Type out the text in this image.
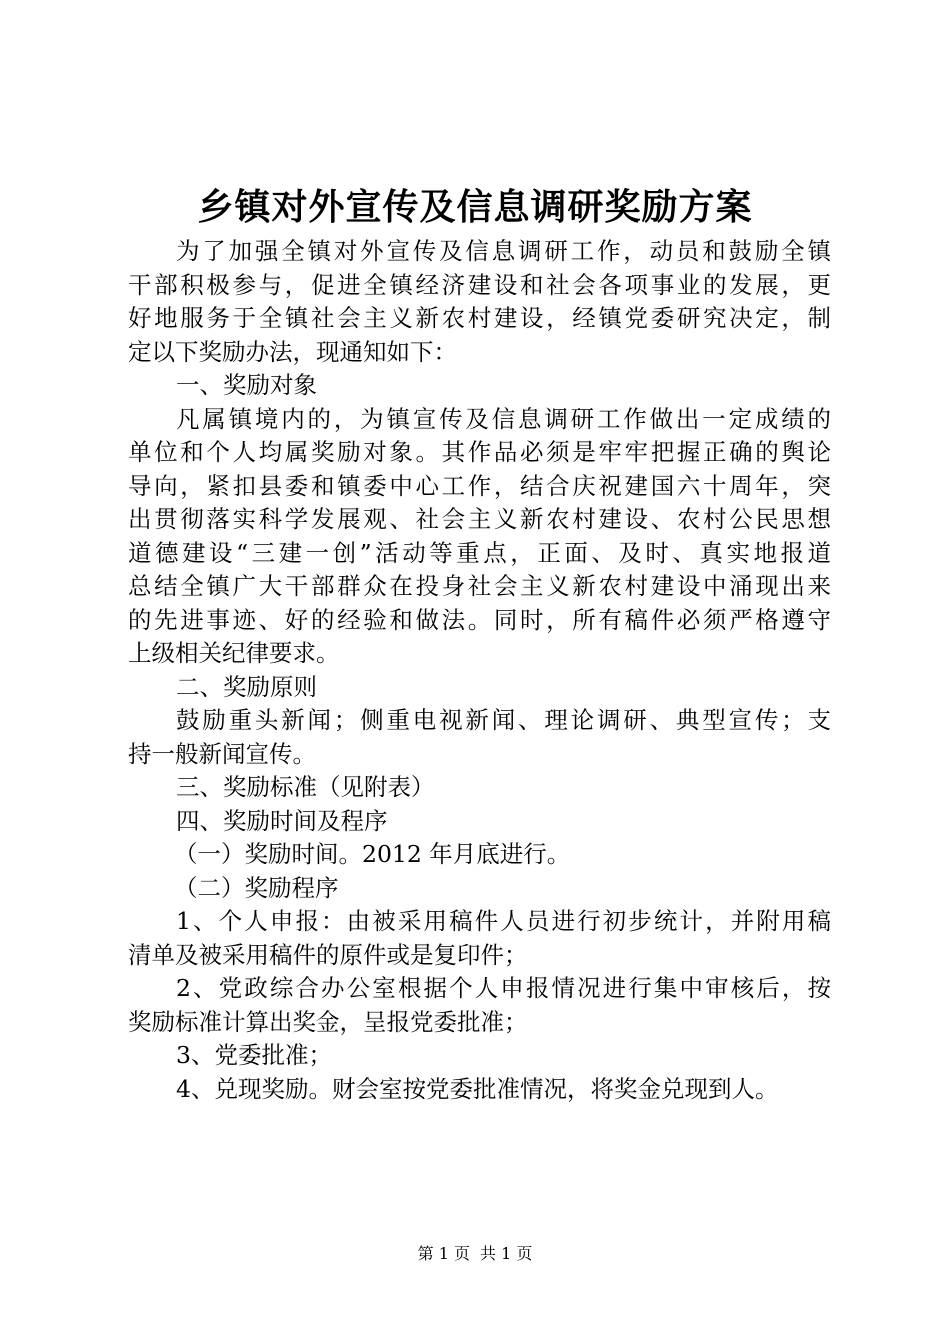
乡镇对外宣传及信息调研奖励方案
为了加强全镇对外宣传及信息调研工作，动员和鼓励全镇
干部积极参与，促进全镇经济建设和社会各项事业的发展，更
好地服务于全镇社会主义新农村建设，经镇党委研究决定，制
定以下奖励办法，现通知如下：
一、奖励对象
凡属镇境内的，为镇宣传及信息调研工作做出一定成绩的
单位和个人均属奖励对象。其作品必须是牢牢把握正确的舆论
导向，紧扣县委和镇委中心工作，结合庆祝建国六十周年，突
出贯彻落实科学发展观、社会主义新农村建设、农村公民思想
道德建设“三建一创”活动等重点，正面、及时、真实地报道
总结全镇广大干部群众在投身社会主义新农村建设中涌现出来
的先进事迹、好的经验和做法。同时，所有稿件必须严格遵守
上级相关纪律要求。
二、奖励原则
鼓励重头新闻；侧重电视新闻、理论调研、典型宣传；支
持一般新闻宣传。
三、奖励标准（见附表）
四、奖励时间及程序
（一）奖励时间。2012 年月底进行。
（二）奖励程序
1、个人申报：由被采用稿件人员进行初步统计，并附用稿
清单及被采用稿件的原件或是复印件；
2、党政综合办公室根据个人申报情况进行集中审核后，按
奖励标准计算出奖金，呈报党委批准；
3、党委批准；
4、兑现奖励。财会室按党委批准情况，将奖金兑现到人。
第 1 页 共 1 页
